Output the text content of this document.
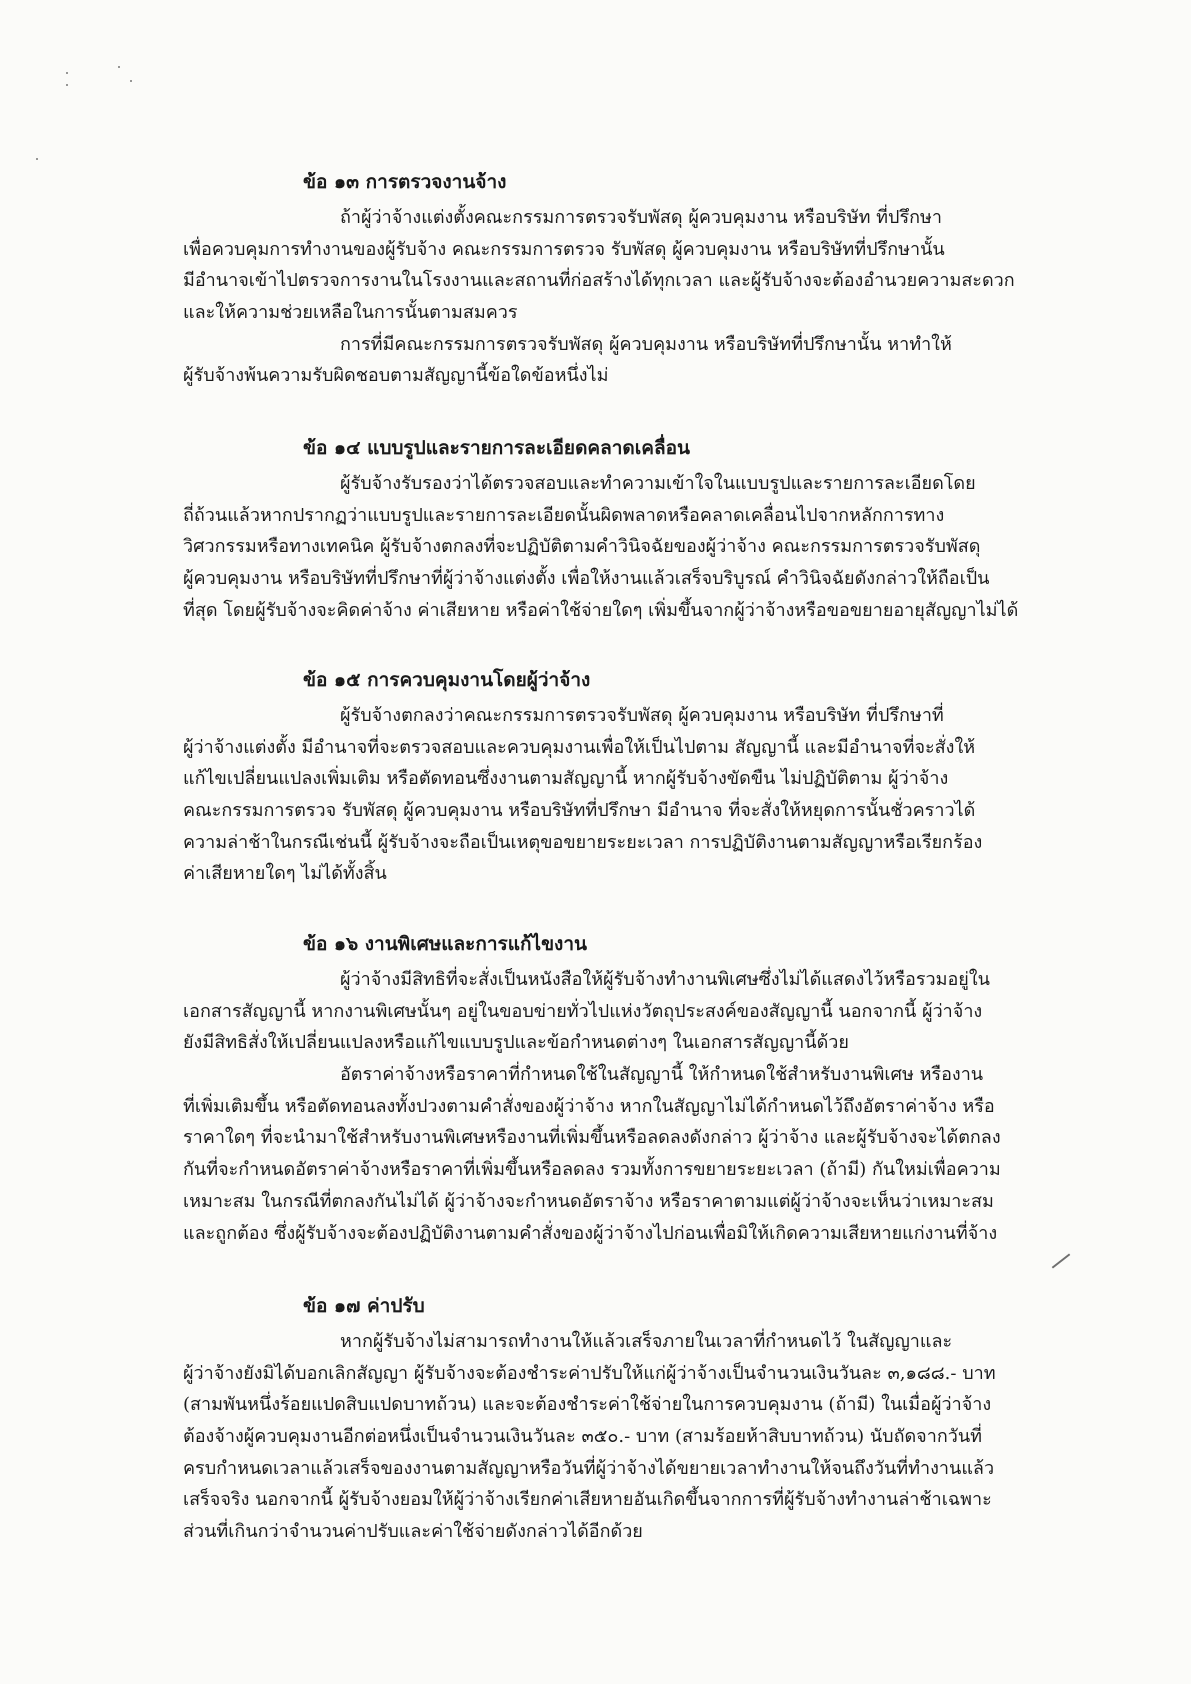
ข้อ ๑๓ การตรวจงานจ้าง

ถ้าผู้ว่าจ้างแต่งตั้งคณะกรรมการตรวจรับพัสดุ ผู้ควบคุมงาน หรือบริษัท ที่ปรึกษา
เพื่อควบคุมการทำงานของผู้รับจ้าง คณะกรรมการตรวจ รับพัสดุ ผู้ควบคุมงาน หรือบริษัทที่ปรึกษานั้น
มีอำนาจเข้าไปตรวจการงานในโรงงานและสถานที่ก่อสร้างได้ทุกเวลา และผู้รับจ้างจะต้องอำนวยความสะดวก
และให้ความช่วยเหลือในการนั้นตามสมควร

การที่มีคณะกรรมการตรวจรับพัสดุ ผู้ควบคุมงาน หรือบริษัทที่ปรึกษานั้น หาทำให้
ผู้รับจ้างพ้นความรับผิดชอบตามสัญญานี้ข้อใดข้อหนึ่งไม่

ข้อ ๑๔ แบบรูปและรายการละเอียดคลาดเคลื่อน

ผู้รับจ้างรับรองว่าได้ตรวจสอบและทำความเข้าใจในแบบรูปและรายการละเอียดโดย
ถี่ถ้วนแล้วหากปรากฏว่าแบบรูปและรายการละเอียดนั้นผิดพลาดหรือคลาดเคลื่อนไปจากหลักการทาง
วิศวกรรมหรือทางเทคนิค ผู้รับจ้างตกลงที่จะปฏิบัติตามคำวินิจฉัยของผู้ว่าจ้าง คณะกรรมการตรวจรับพัสดุ
ผู้ควบคุมงาน หรือบริษัทที่ปรึกษาที่ผู้ว่าจ้างแต่งตั้ง เพื่อให้งานแล้วเสร็จบริบูรณ์ คำวินิจฉัยดังกล่าวให้ถือเป็น
ที่สุด โดยผู้รับจ้างจะคิดค่าจ้าง ค่าเสียหาย หรือค่าใช้จ่ายใดๆ เพิ่มขึ้นจากผู้ว่าจ้างหรือขอขยายอายุสัญญาไม่ได้

ข้อ ๑๕ การควบคุมงานโดยผู้ว่าจ้าง

ผู้รับจ้างตกลงว่าคณะกรรมการตรวจรับพัสดุ ผู้ควบคุมงาน หรือบริษัท ที่ปรึกษาที่
ผู้ว่าจ้างแต่งตั้ง มีอำนาจที่จะตรวจสอบและควบคุมงานเพื่อให้เป็นไปตาม สัญญานี้ และมีอำนาจที่จะสั่งให้
แก้ไขเปลี่ยนแปลงเพิ่มเติม หรือตัดทอนซึ่งงานตามสัญญานี้ หากผู้รับจ้างขัดขืน ไม่ปฏิบัติตาม ผู้ว่าจ้าง
คณะกรรมการตรวจ รับพัสดุ ผู้ควบคุมงาน หรือบริษัทที่ปรึกษา มีอำนาจ ที่จะสั่งให้หยุดการนั้นชั่วคราวได้
ความล่าช้าในกรณีเช่นนี้ ผู้รับจ้างจะถือเป็นเหตุขอขยายระยะเวลา การปฏิบัติงานตามสัญญาหรือเรียกร้อง
ค่าเสียหายใดๆ ไม่ได้ทั้งสิ้น

ข้อ ๑๖ งานพิเศษและการแก้ไขงาน

ผู้ว่าจ้างมีสิทธิที่จะสั่งเป็นหนังสือให้ผู้รับจ้างทำงานพิเศษซึ่งไม่ได้แสดงไว้หรือรวมอยู่ใน
เอกสารสัญญานี้ หากงานพิเศษนั้นๆ อยู่ในขอบข่ายทั่วไปแห่งวัตถุประสงค์ของสัญญานี้ นอกจากนี้ ผู้ว่าจ้าง
ยังมีสิทธิสั่งให้เปลี่ยนแปลงหรือแก้ไขแบบรูปและข้อกำหนดต่างๆ ในเอกสารสัญญานี้ด้วย

อัตราค่าจ้างหรือราคาที่กำหนดใช้ในสัญญานี้ ให้กำหนดใช้สำหรับงานพิเศษ หรืองาน
ที่เพิ่มเติมขึ้น หรือตัดทอนลงทั้งปวงตามคำสั่งของผู้ว่าจ้าง หากในสัญญาไม่ได้กำหนดไว้ถึงอัตราค่าจ้าง หรือ
ราคาใดๆ ที่จะนำมาใช้สำหรับงานพิเศษหรืองานที่เพิ่มขึ้นหรือลดลงดังกล่าว ผู้ว่าจ้าง และผู้รับจ้างจะได้ตกลง
กันที่จะกำหนดอัตราค่าจ้างหรือราคาที่เพิ่มขึ้นหรือลดลง รวมทั้งการขยายระยะเวลา (ถ้ามี) กันใหม่เพื่อความ
เหมาะสม ในกรณีที่ตกลงกันไม่ได้ ผู้ว่าจ้างจะกำหนดอัตราจ้าง หรือราคาตามแต่ผู้ว่าจ้างจะเห็นว่าเหมาะสม
และถูกต้อง ซึ่งผู้รับจ้างจะต้องปฏิบัติงานตามคำสั่งของผู้ว่าจ้างไปก่อนเพื่อมิให้เกิดความเสียหายแก่งานที่จ้าง

ข้อ ๑๗ ค่าปรับ

หากผู้รับจ้างไม่สามารถทำงานให้แล้วเสร็จภายในเวลาที่กำหนดไว้ ในสัญญาและ
ผู้ว่าจ้างยังมิได้บอกเลิกสัญญา ผู้รับจ้างจะต้องชำระค่าปรับให้แก่ผู้ว่าจ้างเป็นจำนวนเงินวันละ ๓,๑๘๘.- บาท
(สามพันหนึ่งร้อยแปดสิบแปดบาทถ้วน) และจะต้องชำระค่าใช้จ่ายในการควบคุมงาน (ถ้ามี) ในเมื่อผู้ว่าจ้าง
ต้องจ้างผู้ควบคุมงานอีกต่อหนึ่งเป็นจำนวนเงินวันละ ๓๕๐.- บาท (สามร้อยห้าสิบบาทถ้วน) นับถัดจากวันที่
ครบกำหนดเวลาแล้วเสร็จของงานตามสัญญาหรือวันที่ผู้ว่าจ้างได้ขยายเวลาทำงานให้จนถึงวันที่ทำงานแล้ว
เสร็จจริง นอกจากนี้ ผู้รับจ้างยอมให้ผู้ว่าจ้างเรียกค่าเสียหายอันเกิดขึ้นจากการที่ผู้รับจ้างทำงานล่าช้าเฉพาะ
ส่วนที่เกินกว่าจำนวนค่าปรับและค่าใช้จ่ายดังกล่าวได้อีกด้วย
